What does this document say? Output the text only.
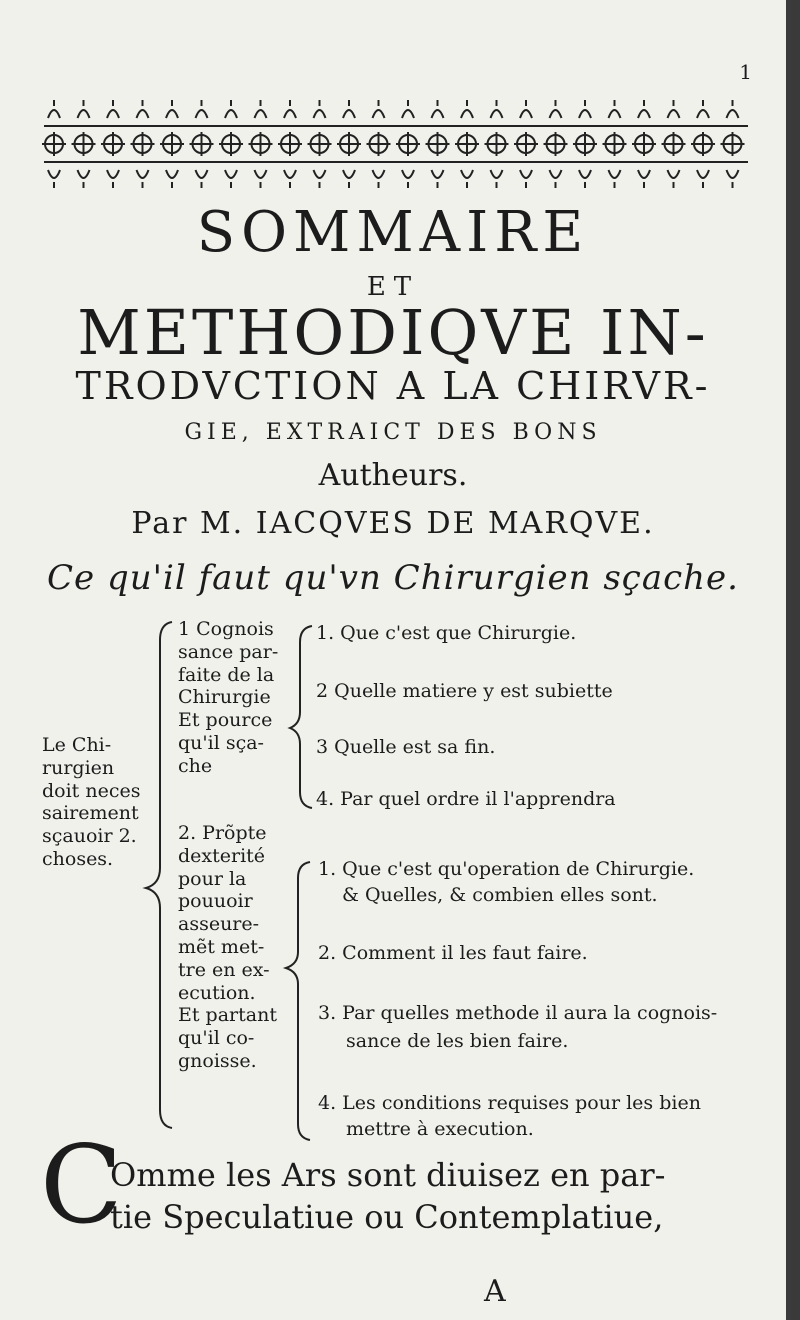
1

SOMMAIRE

ET

METHODIQVE IN-

TRODVCTION A LA CHIRVR-

GIE, EXTRAICT DES BONS

Autheurs.

Par M. IACQVES DE MARQVE.

Ce qu'il faut qu'vn Chirurgien sçache.

Le Chi-
rurgien
doit neces
sairement
sçauoir 2.
choses.
1 Cognois
sance par-
faite de la
Chirurgie
Et pource
qu'il sça-
che
2. Prõpte
dexterité
pour la
pouuoir
asseure-
mẽt met-
tre en ex-
ecution.
Et partant
qu'il co-
gnoisse.

1. Que c'est que Chirurgie.

2 Quelle matiere y est subiette

3 Quelle est sa fin.

4. Par quel ordre il l'apprendra

1. Que c'est qu'operation de Chirurgie.

& Quelles, & combien elles sont.

2. Comment il les faut faire.

3. Par quelles methode il aura la cognois-

sance de les bien faire.

4. Les conditions requises pour les bien

mettre à execution.

C

Omme les Ars sont diuisez en par-

tie Speculatiue ou Contemplatiue,

A
